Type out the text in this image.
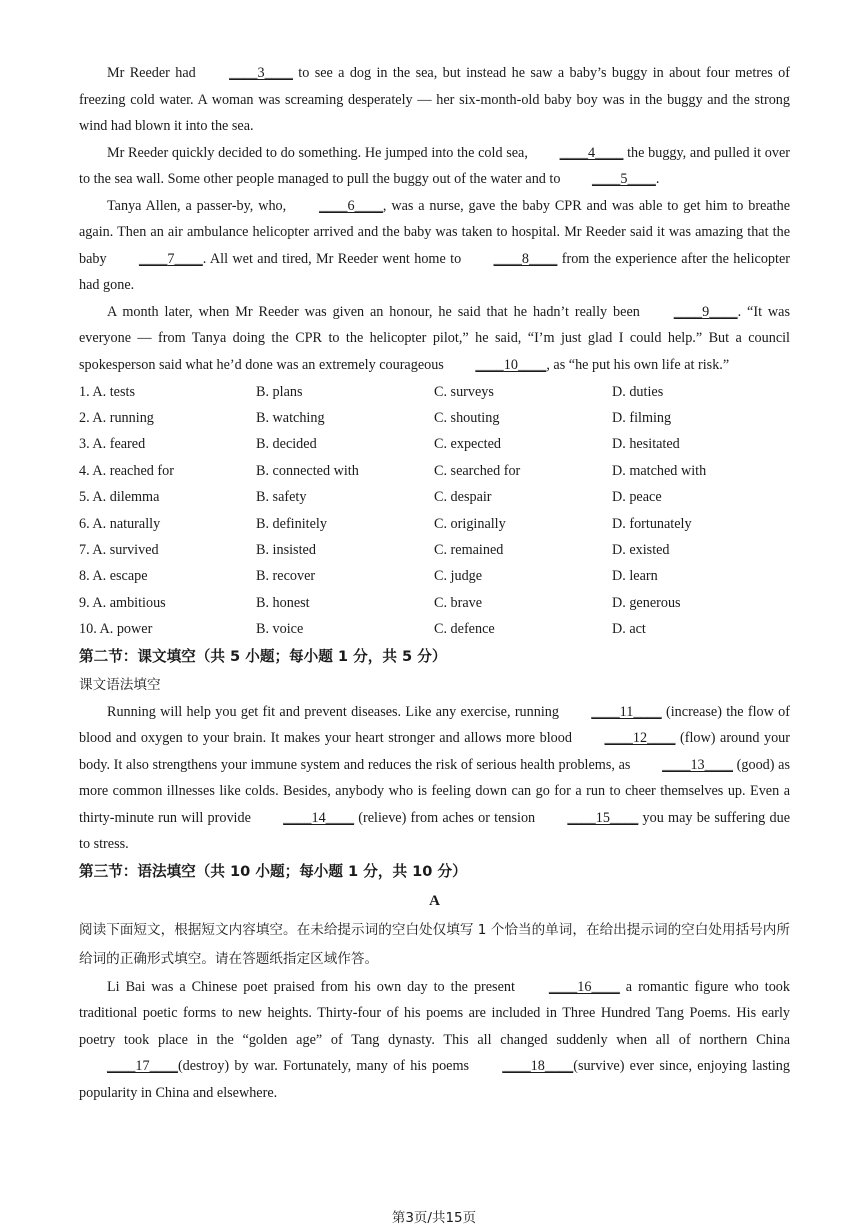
Mr Reeder had ____3____ to see a dog in the sea, but instead he saw a baby’s buggy in about four metres of freezing cold water. A woman was screaming desperately — her six-month-old baby boy was in the buggy and the strong wind had blown it into the sea.

Mr Reeder quickly decided to do something. He jumped into the cold sea, ____4____ the buggy, and pulled it over to the sea wall. Some other people managed to pull the buggy out of the water and to ____5____.

Tanya Allen, a passer-by, who, ____6____, was a nurse, gave the baby CPR and was able to get him to breathe again. Then an air ambulance helicopter arrived and the baby was taken to hospital. Mr Reeder said it was amazing that the baby ____7____. All wet and tired, Mr Reeder went home to ____8____ from the experience after the helicopter had gone.

A month later, when Mr Reeder was given an honour, he said that he hadn’t really been ____9____. “It was everyone — from Tanya doing the CPR to the helicopter pilot,” he said, “I’m just glad I could help.” But a council spokesperson said what he’d done was an extremely courageous ____10____, as “he put his own life at risk.”

1. A. tests	B. plans	C. surveys	D. duties
2. A. running	B. watching	C. shouting	D. filming
3. A. feared	B. decided	C. expected	D. hesitated
4. A. reached for	B. connected with	C. searched for	D. matched with
5. A. dilemma	B. safety	C. despair	D. peace
6. A. naturally	B. definitely	C. originally	D. fortunately
7. A. survived	B. insisted	C. remained	D. existed
8. A. escape	B. recover	C. judge	D. learn
9. A. ambitious	B. honest	C. brave	D. generous
10. A. power	B. voice	C. defence	D. act

第二节：课文填空（共 5 小题；每小题 1 分，共 5 分）

课文语法填空

Running will help you get fit and prevent diseases. Like any exercise, running ____11____ (increase) the flow of blood and oxygen to your brain. It makes your heart stronger and allows more blood ____12____ (flow) around your body. It also strengthens your immune system and reduces the risk of serious health problems, as ____13____ (good) as more common illnesses like colds. Besides, anybody who is feeling down can go for a run to cheer themselves up. Even a thirty-minute run will provide ____14____ (relieve) from aches or tension ____15____ you may be suffering due to stress.

第三节：语法填空（共 10 小题；每小题 1 分，共 10 分）

A

阅读下面短文，根据短文内容填空。在未给提示词的空白处仅填写 1 个恰当的单词，在给出提示词的空白处用括号内所给词的正确形式填空。请在答题纸指定区域作答。

Li Bai was a Chinese poet praised from his own day to the present ____16____ a romantic figure who took traditional poetic forms to new heights. Thirty-four of his poems are included in Three Hundred Tang Poems. His early poetry took place in the “golden age” of Tang dynasty. This all changed suddenly when all of northern China ____17____(destroy) by war. Fortunately, many of his poems ____18____(survive) ever since, enjoying lasting popularity in China and elsewhere.

第3页/共15页
